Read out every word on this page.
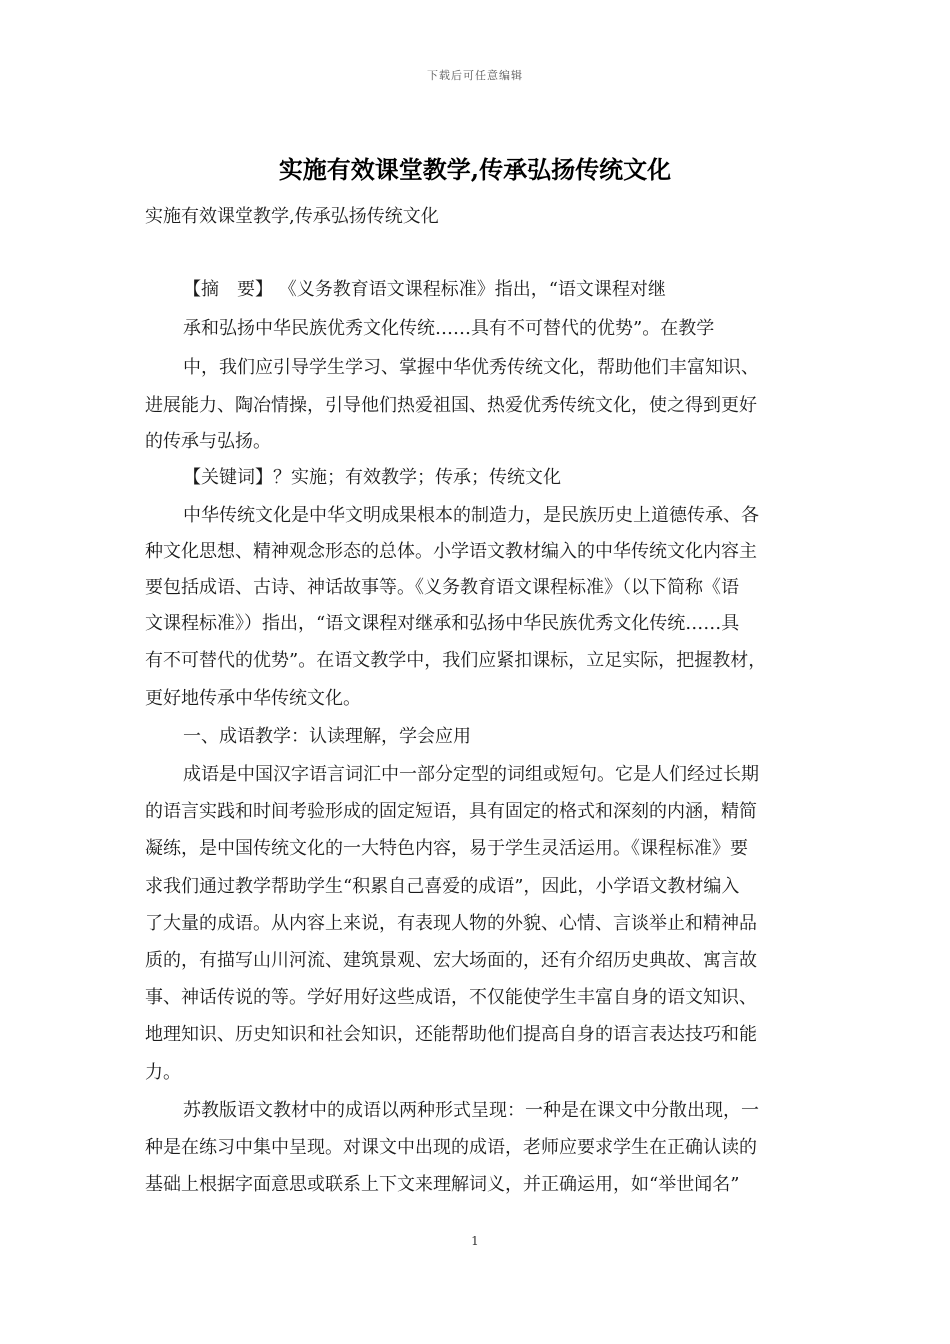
下载后可任意编辑
实施有效课堂教学,传承弘扬传统文化
实施有效课堂教学,传承弘扬传统文化
【摘　要】 《义务教育语文课程标准》指出，“语文课程对继
承和弘扬中华民族优秀文化传统……具有不可替代的优势”。在教学
中，我们应引导学生学习、掌握中华优秀传统文化，帮助他们丰富知识、
进展能力、陶冶情操，引导他们热爱祖国、热爱优秀传统文化，使之得到更好
的传承与弘扬。
【关键词】？实施；有效教学；传承；传统文化
中华传统文化是中华文明成果根本的制造力，是民族历史上道德传承、各
种文化思想、精神观念形态的总体。小学语文教材编入的中华传统文化内容主
要包括成语、古诗、神话故事等。《义务教育语文课程标准》（以下简称《语
文课程标准》）指出，“语文课程对继承和弘扬中华民族优秀文化传统……具
有不可替代的优势”。在语文教学中，我们应紧扣课标，立足实际，把握教材，
更好地传承中华传统文化。
一、成语教学：认读理解，学会应用
成语是中国汉字语言词汇中一部分定型的词组或短句。它是人们经过长期
的语言实践和时间考验形成的固定短语，具有固定的格式和深刻的内涵，精简
凝练，是中国传统文化的一大特色内容，易于学生灵活运用。《课程标准》要
求我们通过教学帮助学生“积累自己喜爱的成语”，因此，小学语文教材编入
了大量的成语。从内容上来说，有表现人物的外貌、心情、言谈举止和精神品
质的，有描写山川河流、建筑景观、宏大场面的，还有介绍历史典故、寓言故
事、神话传说的等。学好用好这些成语，不仅能使学生丰富自身的语文知识、
地理知识、历史知识和社会知识，还能帮助他们提高自身的语言表达技巧和能
力。
苏教版语文教材中的成语以两种形式呈现：一种是在课文中分散出现，一
种是在练习中集中呈现。对课文中出现的成语，老师应要求学生在正确认读的
基础上根据字面意思或联系上下文来理解词义，并正确运用，如“举世闻名”
1
